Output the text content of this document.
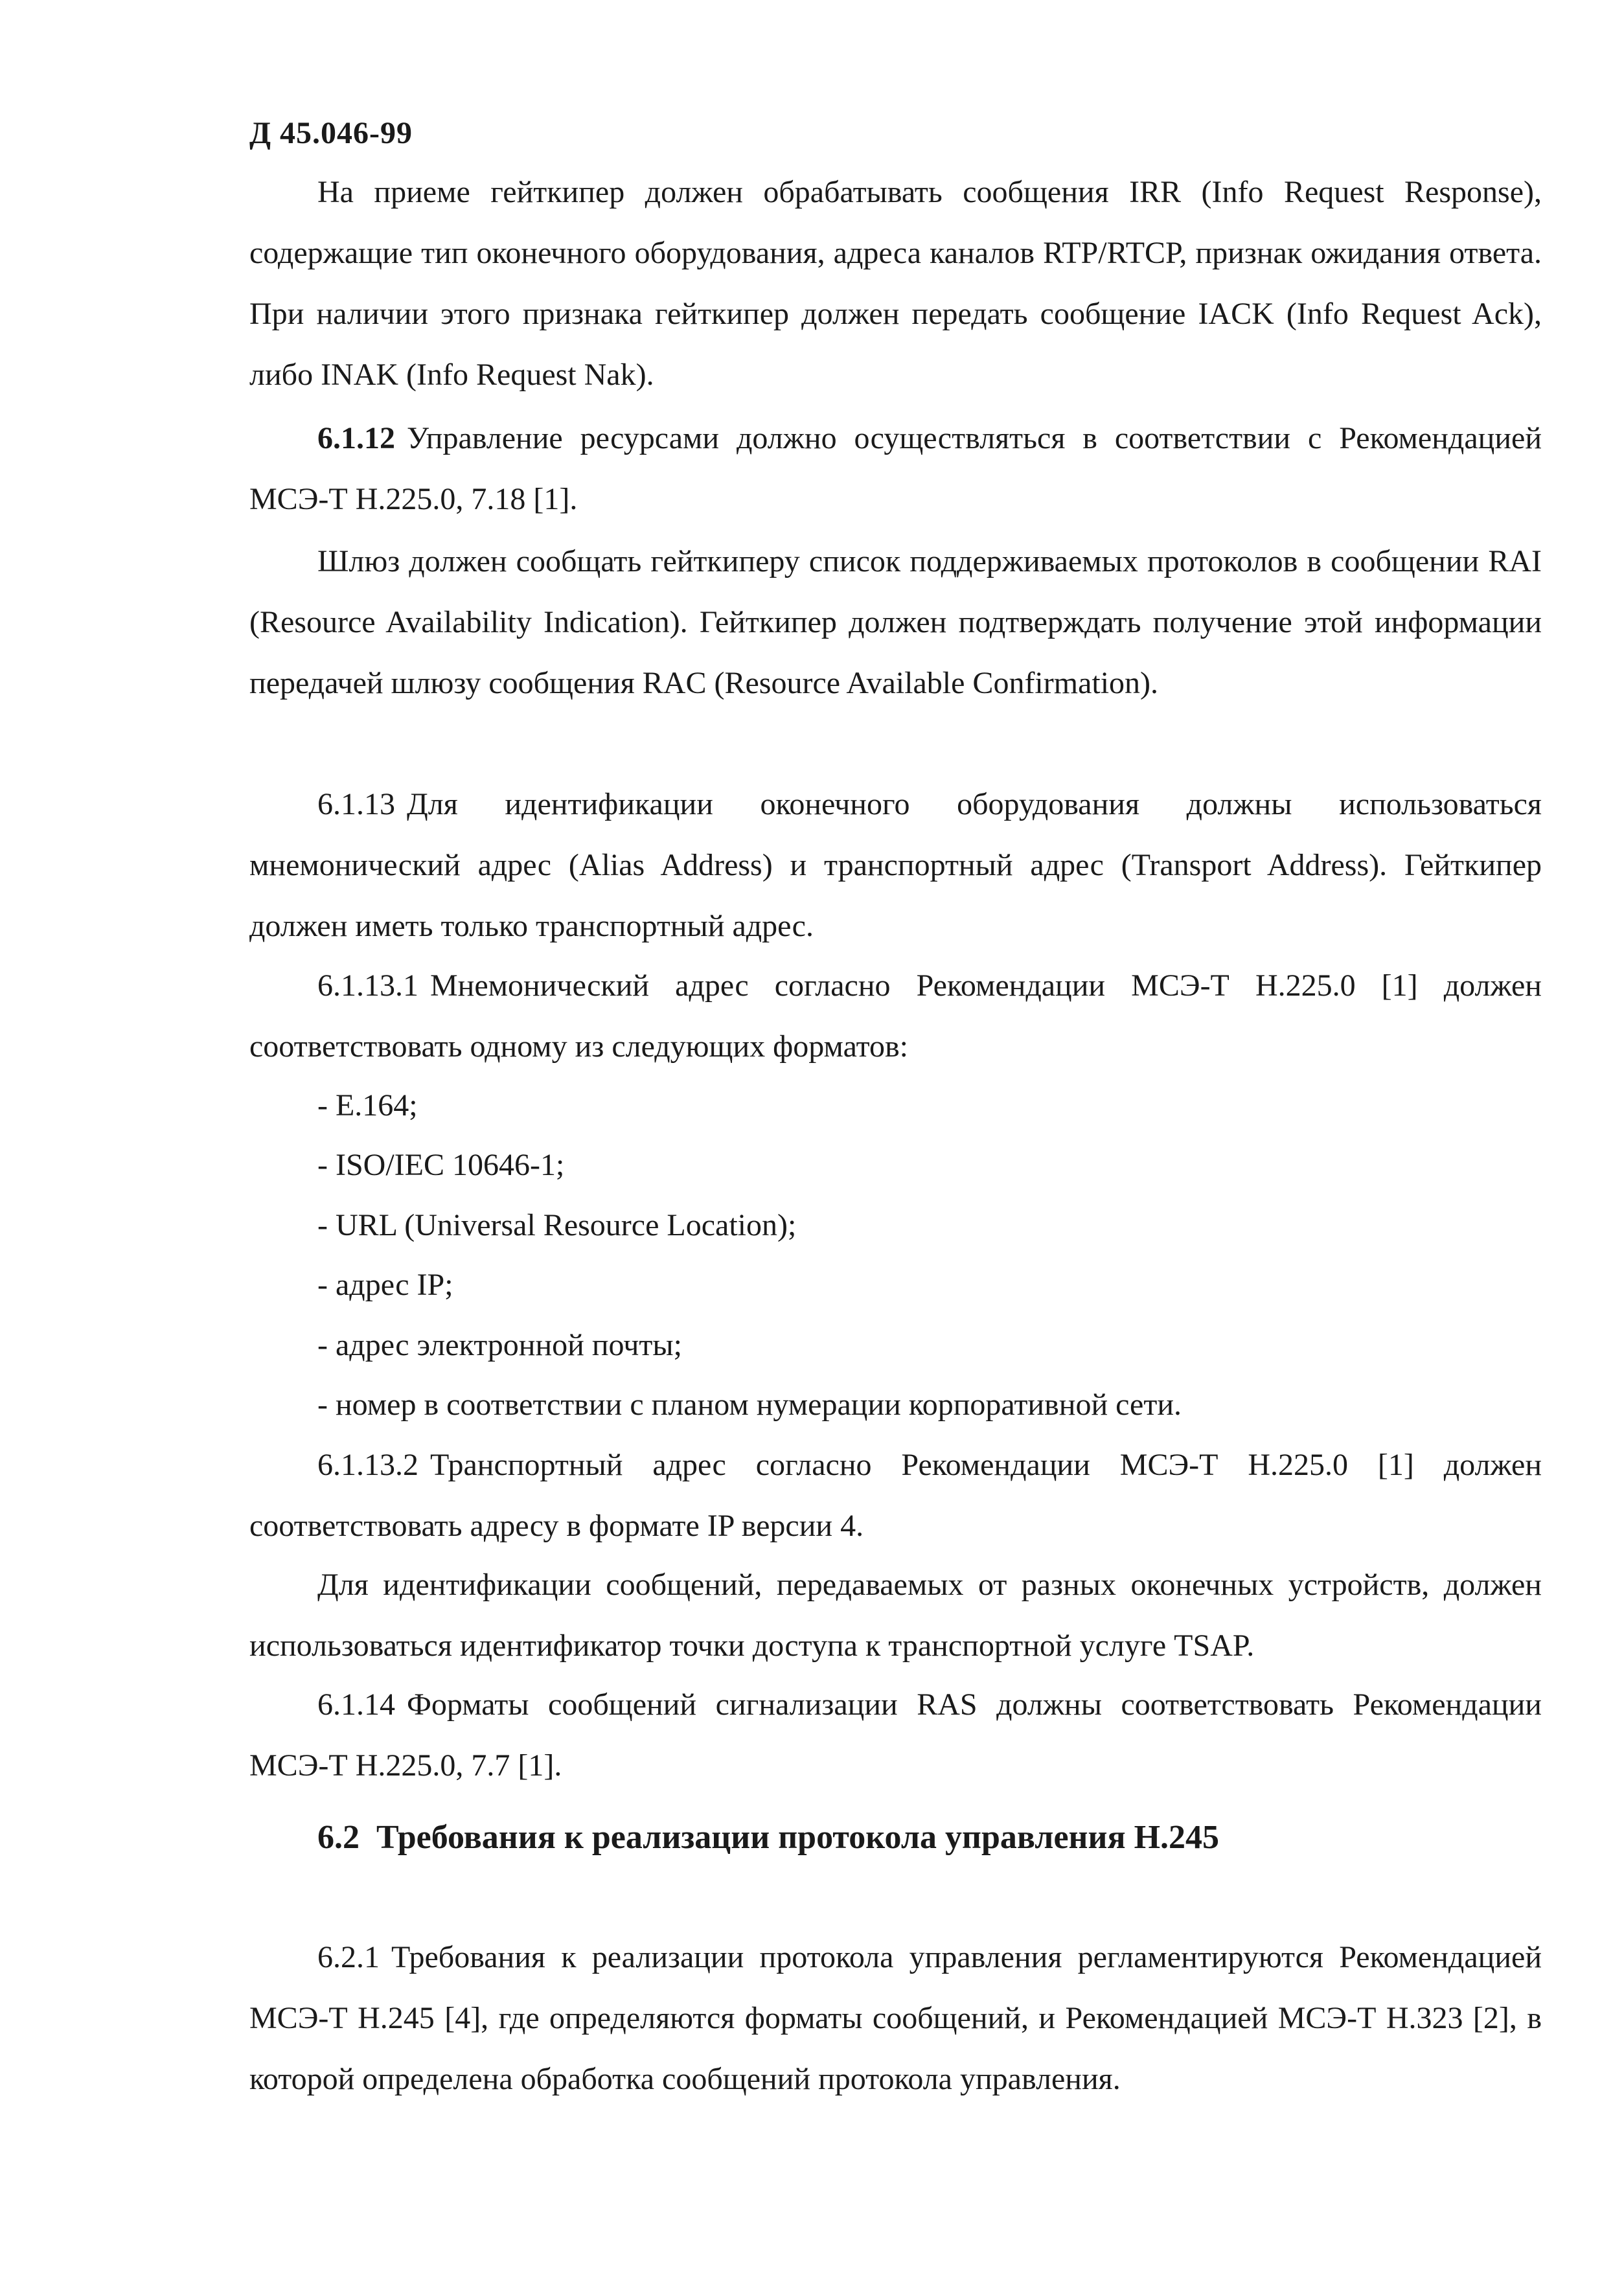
Д 45.046-99

На приеме гейткипер должен обрабатывать сообщения IRR (Info Request Response), содержащие тип оконечного оборудования, адреса каналов RTP/RTCP, признак ожидания ответа. При наличии этого признака гейткипер должен передать сообщение IACK (Info Request Ack), либо INAK (Info Request Nak).

6.1.12 Управление ресурсами должно осуществляться в соответствии с Рекомендацией МСЭ-Т Н.225.0, 7.18 [1].

Шлюз должен сообщать гейткиперу список поддерживаемых протоколов в сообщении RAI (Resource Availability Indication). Гейткипер должен подтверждать получение этой информации передачей шлюзу сообщения RAC (Resource Available Confirmation).

6.1.13 Для идентификации оконечного оборудования должны использоваться мнемонический адрес (Alias Address) и транспортный адрес (Transport Address). Гейткипер должен иметь только транспортный адрес.

6.1.13.1 Мнемонический адрес согласно Рекомендации МСЭ-Т Н.225.0 [1] должен соответствовать одному из следующих форматов:

- Е.164;

- ISO/IEC 10646-1;

- URL (Universal Resource Location);

- адрес IP;

- адрес электронной почты;

- номер в соответствии с планом нумерации корпоративной сети.

6.1.13.2 Транспортный адрес согласно Рекомендации МСЭ-Т Н.225.0 [1] должен соответствовать адресу в формате IP версии 4.

Для идентификации сообщений, передаваемых от разных оконечных устройств, должен использоваться идентификатор точки доступа к транспортной услуге TSAP.

6.1.14 Форматы сообщений сигнализации RAS должны соответствовать Рекомендации МСЭ-Т Н.225.0, 7.7 [1].

6.2 Требования к реализации протокола управления Н.245

6.2.1 Требования к реализации протокола управления регламентируются Рекомендацией МСЭ-Т Н.245 [4], где определяются форматы сообщений, и Рекомендацией МСЭ-Т Н.323 [2], в которой определена обработка сообщений протокола управления.
